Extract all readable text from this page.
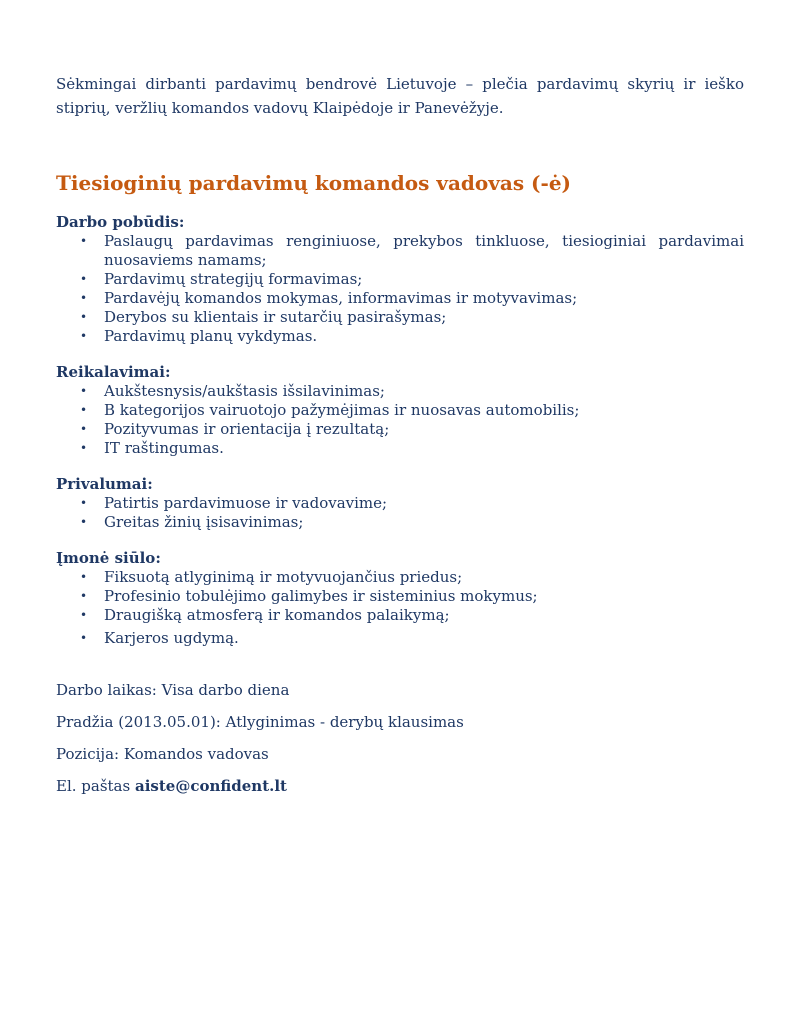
Sėkmingai dirbanti pardavimų bendrovė Lietuvoje – plečia pardavimų skyrių ir ieško stiprių, veržlių komandos vadovų Klaipėdoje ir Panevėžyje.

Tiesioginių pardavimų komandos vadovas (-ė)
Darbo pobūdis:
• Paslaugų pardavimas renginiuose, prekybos tinkluose, tiesioginiai pardavimai nuosaviems namams;
• Pardavimų strategijų formavimas;
• Pardavėjų komandos mokymas, informavimas ir motyvavimas;
• Derybos su klientais ir sutarčių pasirašymas;
• Pardavimų planų vykdymas.
Reikalavimai:
• Aukštesnysis/aukštasis išsilavinimas;
• B kategorijos vairuotojo pažymėjimas ir nuosavas automobilis;
• Pozityvumas ir orientacija į rezultatą;
• IT raštingumas.
Privalumai:
• Patirtis pardavimuose ir vadovavime;
• Greitas žinių įsisavinimas;
Įmonė siūlo:
• Fiksuotą atlyginimą ir motyvuojančius priedus;
• Profesinio tobulėjimo galimybes ir sisteminius mokymus;
• Draugišką atmosferą ir komandos palaikymą;
• Karjeros ugdymą.

Darbo laikas: Visa darbo diena

Pradžia (2013.05.01): Atlyginimas - derybų klausimas

Pozicija: Komandos vadovas

El. paštas aiste@confident.lt
